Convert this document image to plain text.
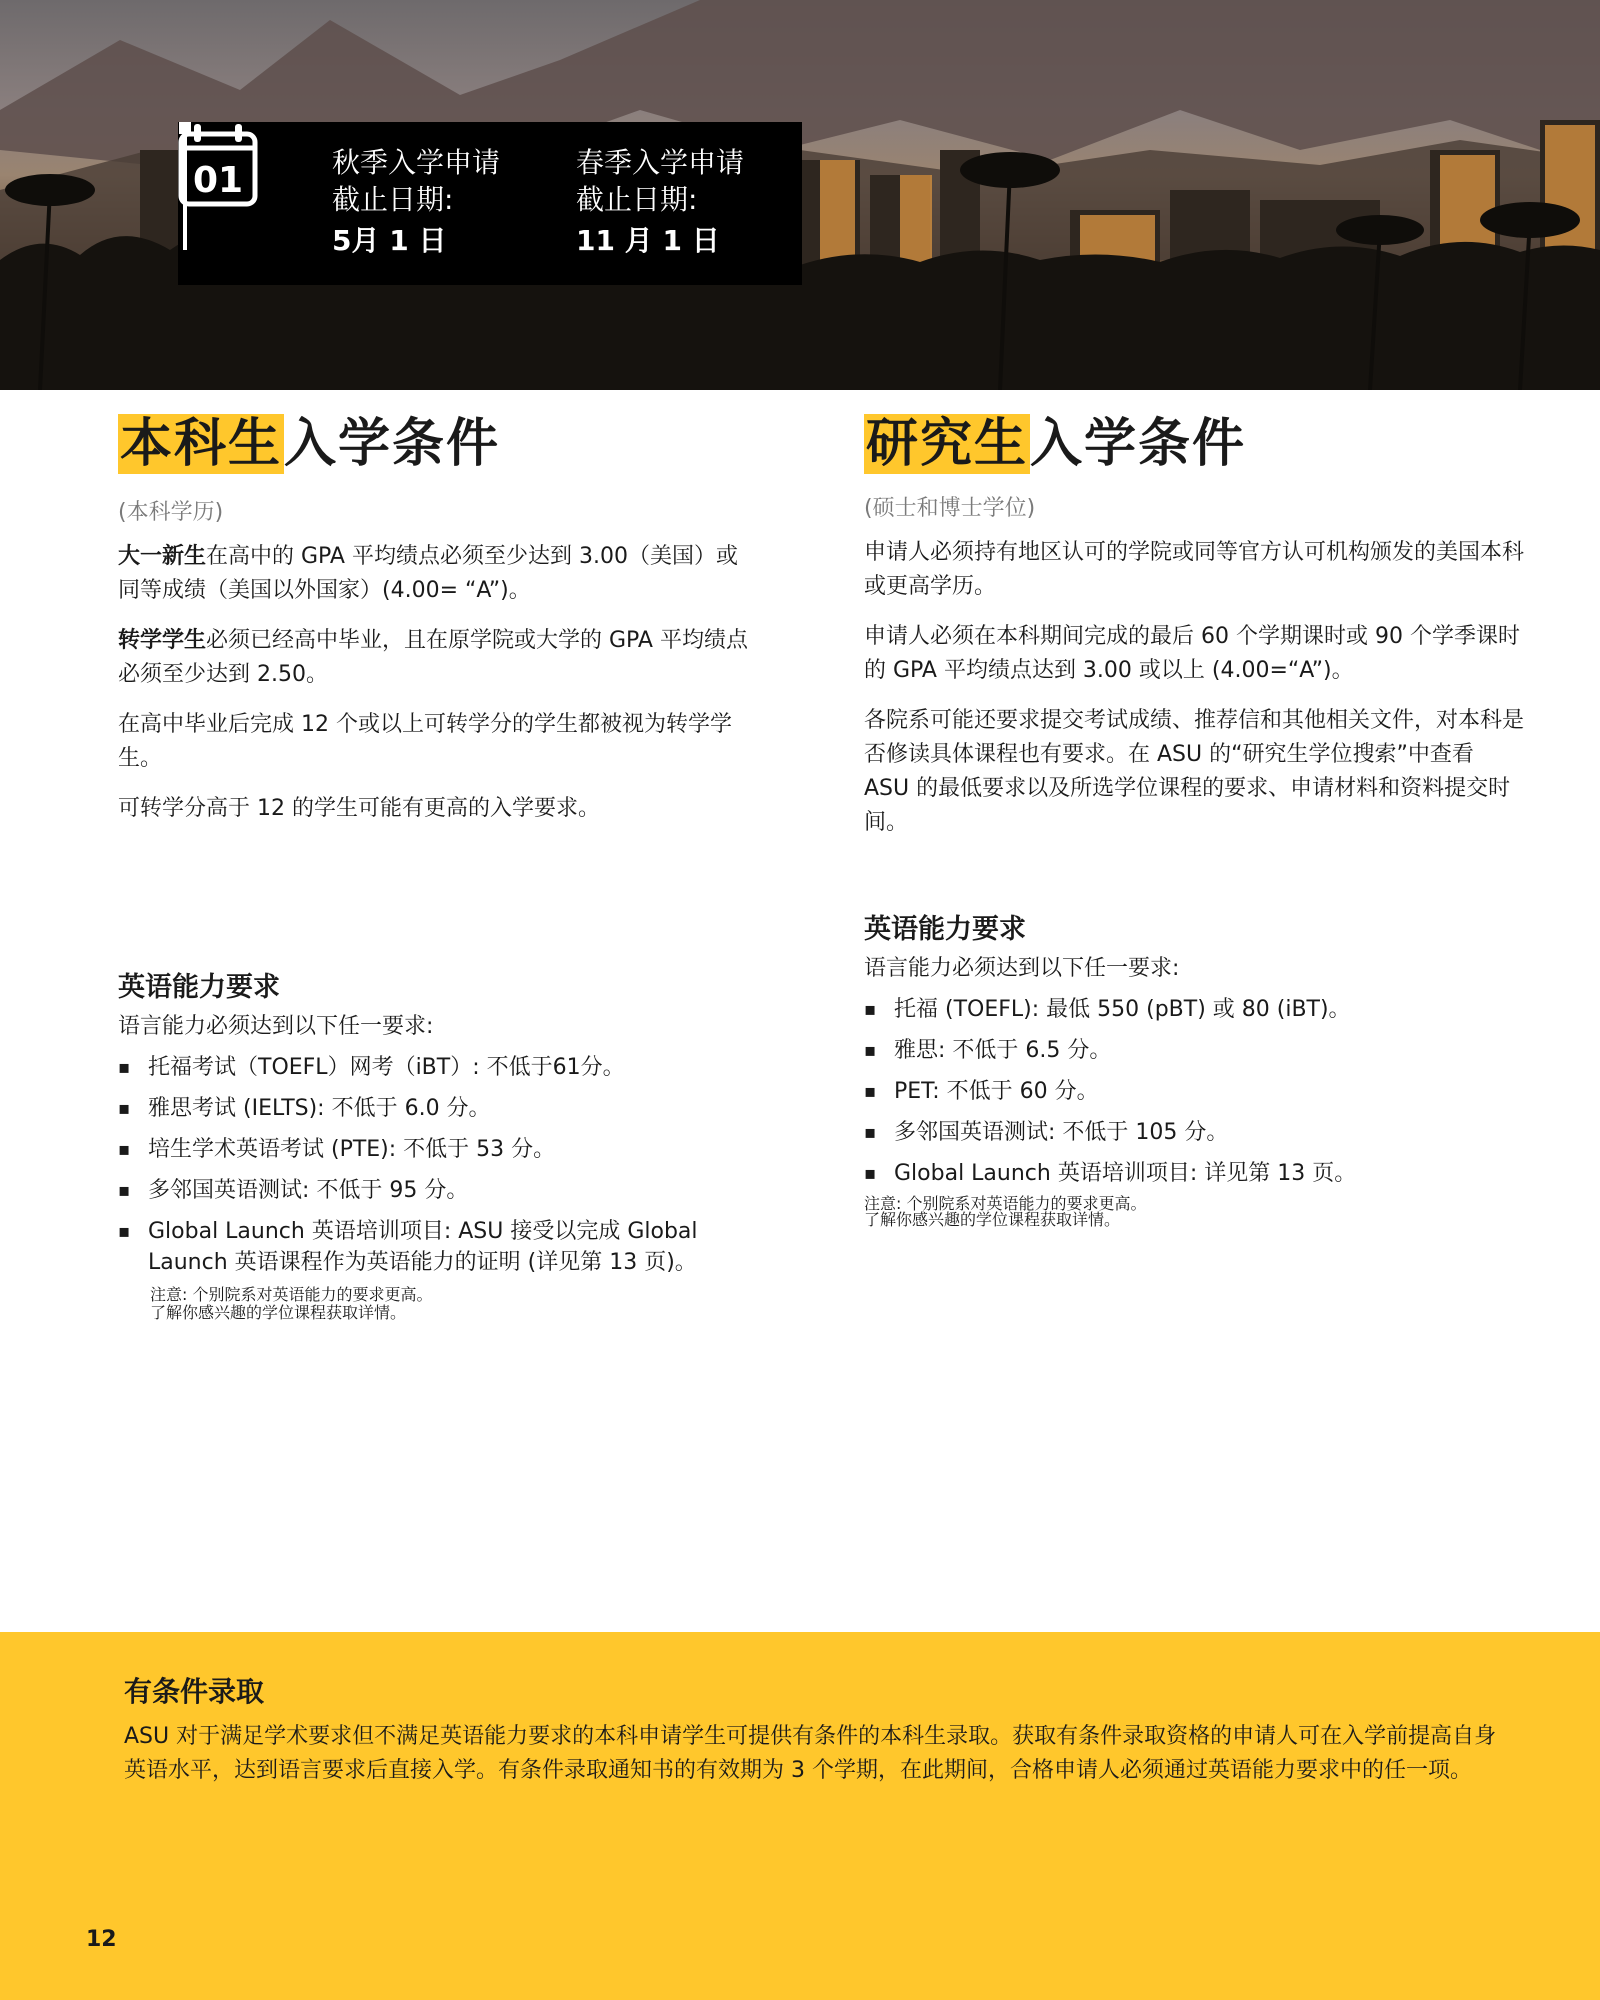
01	秋季入学申请
截止日期:
5月 1 日
春季入学申请
截止日期:
11 月 1 日
本科生入学条件
(本科学历)

大一新生在高中的 GPA 平均绩点必须至少达到 3.00（美国）或同等成绩（美国以外国家）(4.00= “A”)。

转学学生必须已经高中毕业，且在原学院或大学的 GPA 平均绩点必须至少达到 2.50。

在高中毕业后完成 12 个或以上可转学分的学生都被视为转学学生。

可转学分高于 12 的学生可能有更高的入学要求。

英语能力要求
语言能力必须达到以下任一要求:
▪ 托福考试（TOEFL）网考（iBT）: 不低于61分。
▪ 雅思考试 (IELTS): 不低于 6.0 分。
▪ 培生学术英语考试 (PTE): 不低于 53 分。
▪ 多邻国英语测试: 不低于 95 分。
▪ Global Launch 英语培训项目: ASU 接受以完成 Global Launch 英语课程作为英语能力的证明 (详见第 13 页)。
注意: 个别院系对英语能力的要求更高。
了解你感兴趣的学位课程获取详情。
研究生入学条件
(硕士和博士学位)

申请人必须持有地区认可的学院或同等官方认可机构颁发的美国本科或更高学历。

申请人必须在本科期间完成的最后 60 个学期课时或 90 个学季课时的 GPA 平均绩点达到 3.00 或以上 (4.00=“A”)。

各院系可能还要求提交考试成绩、推荐信和其他相关文件，对本科是否修读具体课程也有要求。在 ASU 的“研究生学位搜索”中查看 ASU 的最低要求以及所选学位课程的要求、申请材料和资料提交时间。

英语能力要求
语言能力必须达到以下任一要求:
▪ 托福 (TOEFL): 最低 550 (pBT) 或 80 (iBT)。
▪ 雅思: 不低于 6.5 分。
▪ PET: 不低于 60 分。
▪ 多邻国英语测试: 不低于 105 分。
▪ Global Launch 英语培训项目: 详见第 13 页。
注意: 个别院系对英语能力的要求更高。
了解你感兴趣的学位课程获取详情。
有条件录取
ASU 对于满足学术要求但不满足英语能力要求的本科申请学生可提供有条件的本科生录取。获取有条件录取资格的申请人可在入学前提高自身英语水平，达到语言要求后直接入学。有条件录取通知书的有效期为 3 个学期，在此期间，合格申请人必须通过英语能力要求中的任一项。
12
